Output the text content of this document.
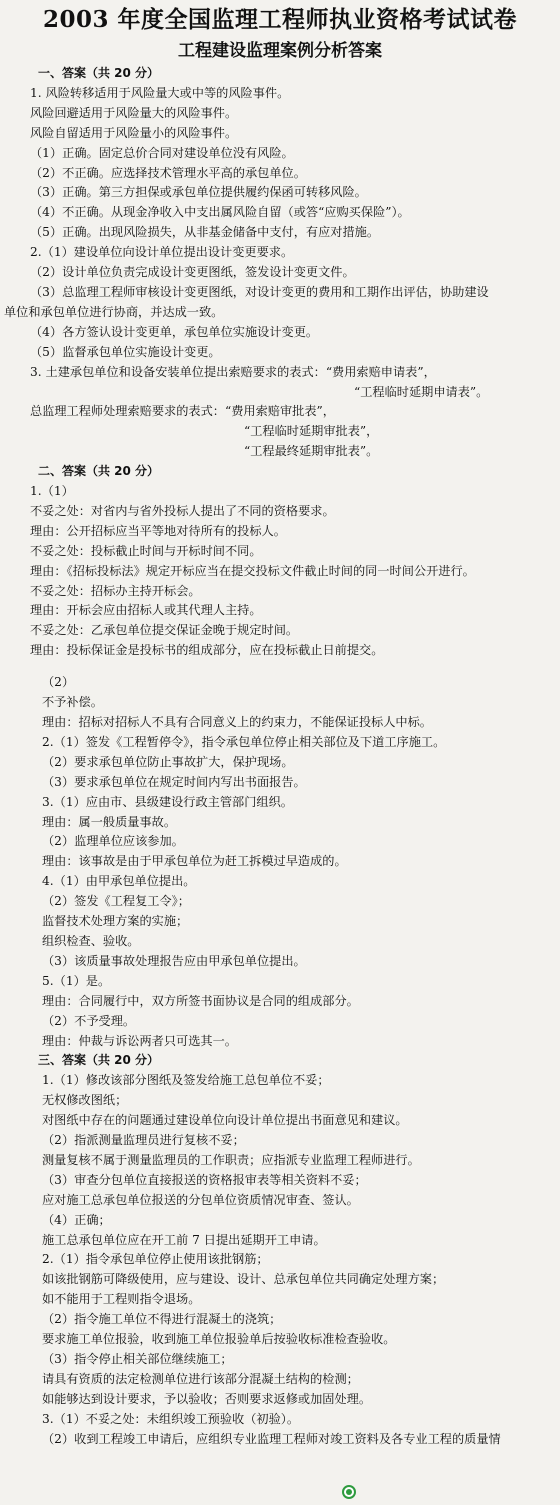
2003 年度全国监理工程师执业资格考试试卷
工程建设监理案例分析答案
一、答案（共 20 分）
1. 风险转移适用于风险量大或中等的风险事件。
风险回避适用于风险量大的风险事件。
风险自留适用于风险量小的风险事件。
（1）正确。固定总价合同对建设单位没有风险。
（2）不正确。应选择技术管理水平高的承包单位。
（3）正确。第三方担保或承包单位提供履约保函可转移风险。
（4）不正确。从现金净收入中支出属风险自留（或答“应购买保险”）。
（5）正确。出现风险损失，从非基金储备中支付，有应对措施。
2.（1）建设单位向设计单位提出设计变更要求。
（2）设计单位负责完成设计变更图纸，签发设计变更文件。
（3）总监理工程师审核设计变更图纸，对设计变更的费用和工期作出评估，协助建设
单位和承包单位进行协商，并达成一致。
（4）各方签认设计变更单，承包单位实施设计变更。
（5）监督承包单位实施设计变更。
3. 土建承包单位和设备安装单位提出索赔要求的表式：“费用索赔申请表”，
“工程临时延期申请表”。
总监理工程师处理索赔要求的表式：“费用索赔审批表”，
“工程临时延期审批表”，
“工程最终延期审批表”。
二、答案（共 20 分）
1.（1）
不妥之处：对省内与省外投标人提出了不同的资格要求。
理由：公开招标应当平等地对待所有的投标人。
不妥之处：投标截止时间与开标时间不同。
理由：《招标投标法》规定开标应当在提交投标文件截止时间的同一时间公开进行。
不妥之处：招标办主持开标会。
理由：开标会应由招标人或其代理人主持。
不妥之处：乙承包单位提交保证金晚于规定时间。
理由：投标保证金是投标书的组成部分，应在投标截止日前提交。
（2）
不予补偿。
理由：招标对招标人不具有合同意义上的约束力，不能保证投标人中标。
2.（1）签发《工程暂停令》，指令承包单位停止相关部位及下道工序施工。
（2）要求承包单位防止事故扩大，保护现场。
（3）要求承包单位在规定时间内写出书面报告。
3.（1）应由市、县级建设行政主管部门组织。
理由：属一般质量事故。
（2）监理单位应该参加。
理由：该事故是由于甲承包单位为赶工拆模过早造成的。
4.（1）由甲承包单位提出。
（2）签发《工程复工令》；
监督技术处理方案的实施；
组织检查、验收。
（3）该质量事故处理报告应由甲承包单位提出。
5.（1）是。
理由：合同履行中，双方所签书面协议是合同的组成部分。
（2）不予受理。
理由：仲裁与诉讼两者只可选其一。
三、答案（共 20 分）
1.（1）修改该部分图纸及签发给施工总包单位不妥；
无权修改图纸；
对图纸中存在的问题通过建设单位向设计单位提出书面意见和建议。
（2）指派测量监理员进行复核不妥；
测量复核不属于测量监理员的工作职责；应指派专业监理工程师进行。
（3）审查分包单位直接报送的资格报审表等相关资料不妥；
应对施工总承包单位报送的分包单位资质情况审查、签认。
（4）正确；
施工总承包单位应在开工前 7 日提出延期开工申请。
2.（1）指令承包单位停止使用该批钢筋；
如该批钢筋可降级使用，应与建设、设计、总承包单位共同确定处理方案；
如不能用于工程则指令退场。
（2）指令施工单位不得进行混凝土的浇筑；
要求施工单位报验，收到施工单位报验单后按验收标准检查验收。
（3）指令停止相关部位继续施工；
请具有资质的法定检测单位进行该部分混凝土结构的检测；
如能够达到设计要求，予以验收；否则要求返修或加固处理。
3.（1）不妥之处：未组织竣工预验收（初验）。
（2）收到工程竣工申请后，应组织专业监理工程师对竣工资料及各专业工程的质量情
